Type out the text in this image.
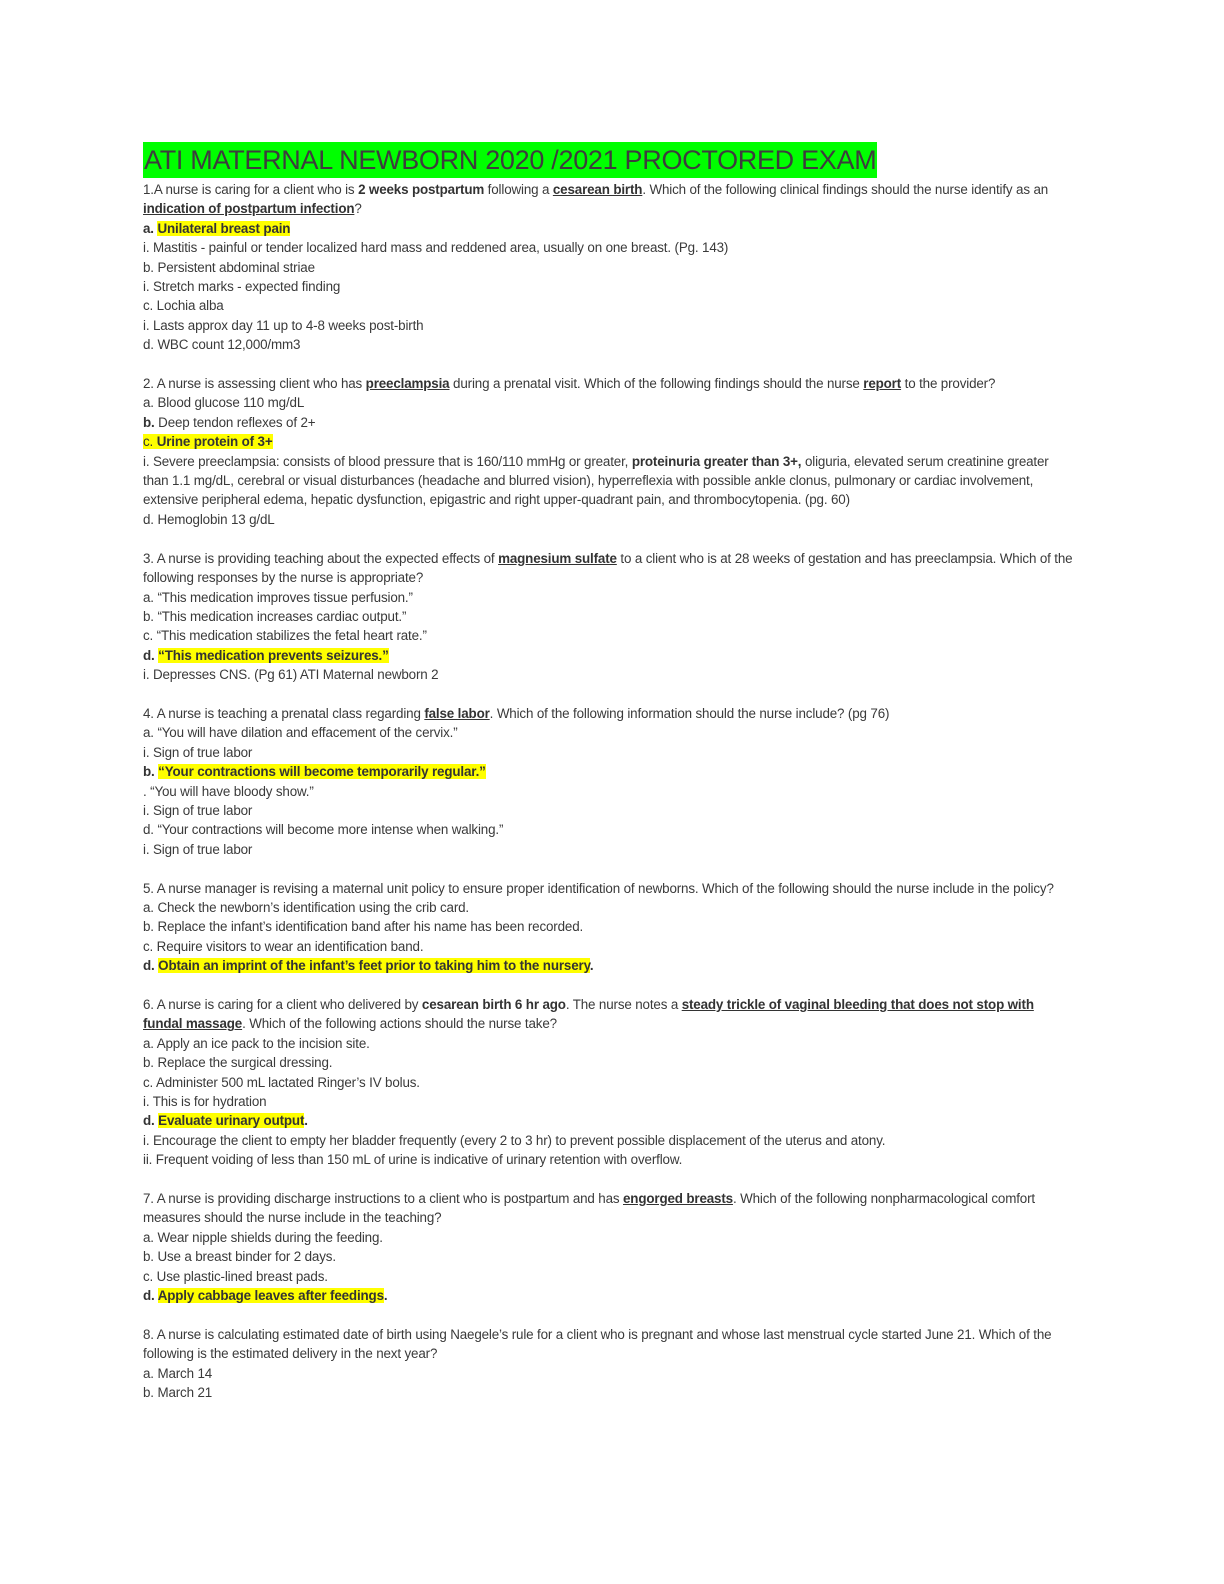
ATI MATERNAL NEWBORN 2020 /2021 PROCTORED EXAM

1.A nurse is caring for a client who is 2 weeks postpartum following a cesarean birth. Which of the following clinical findings should the nurse identify as an indication of postpartum infection?

a. Unilateral breast pain

i. Mastitis - painful or tender localized hard mass and reddened area, usually on one breast. (Pg. 143)

b. Persistent abdominal striae

i. Stretch marks - expected finding

c. Lochia alba

i. Lasts approx day 11 up to 4-8 weeks post-birth

d. WBC count 12,000/mm3

2. A nurse is assessing client who has preeclampsia during a prenatal visit. Which of the following findings should the nurse report to the provider?

a. Blood glucose 110 mg/dL

b. Deep tendon reflexes of 2+

c. Urine protein of 3+

i. Severe preeclampsia: consists of blood pressure that is 160/110 mmHg or greater, proteinuria greater than 3+, oliguria, elevated serum creatinine greater than 1.1 mg/dL, cerebral or visual disturbances (headache and blurred vision), hyperreflexia with possible ankle clonus, pulmonary or cardiac involvement, extensive peripheral edema, hepatic dysfunction, epigastric and right upper-quadrant pain, and thrombocytopenia. (pg. 60)

d. Hemoglobin 13 g/dL

3. A nurse is providing teaching about the expected effects of magnesium sulfate to a client who is at 28 weeks of gestation and has preeclampsia. Which of the following responses by the nurse is appropriate?

a. “This medication improves tissue perfusion.”

b. “This medication increases cardiac output.”

c. “This medication stabilizes the fetal heart rate.”

d. “This medication prevents seizures.”

i. Depresses CNS. (Pg 61) ATI Maternal newborn 2

4. A nurse is teaching a prenatal class regarding false labor. Which of the following information should the nurse include? (pg 76)

a. “You will have dilation and effacement of the cervix.”

i. Sign of true labor

b. “Your contractions will become temporarily regular.”

. “You will have bloody show.”

i. Sign of true labor

d. “Your contractions will become more intense when walking.”

i. Sign of true labor

5. A nurse manager is revising a maternal unit policy to ensure proper identification of newborns. Which of the following should the nurse include in the policy?

a. Check the newborn’s identification using the crib card.

b. Replace the infant’s identification band after his name has been recorded.

c. Require visitors to wear an identification band.

d. Obtain an imprint of the infant’s feet prior to taking him to the nursery.

6. A nurse is caring for a client who delivered by cesarean birth 6 hr ago. The nurse notes a steady trickle of vaginal bleeding that does not stop with fundal massage. Which of the following actions should the nurse take?

a. Apply an ice pack to the incision site.

b. Replace the surgical dressing.

c. Administer 500 mL lactated Ringer’s IV bolus.

i. This is for hydration

d. Evaluate urinary output.

i. Encourage the client to empty her bladder frequently (every 2 to 3 hr) to prevent possible displacement of the uterus and atony.

ii. Frequent voiding of less than 150 mL of urine is indicative of urinary retention with overflow.

7. A nurse is providing discharge instructions to a client who is postpartum and has engorged breasts. Which of the following nonpharmacological comfort measures should the nurse include in the teaching?

a. Wear nipple shields during the feeding.

b. Use a breast binder for 2 days.

c. Use plastic-lined breast pads.

d. Apply cabbage leaves after feedings.

8. A nurse is calculating estimated date of birth using Naegele’s rule for a client who is pregnant and whose last menstrual cycle started June 21. Which of the following is the estimated delivery in the next year?

a. March 14

b. March 21
